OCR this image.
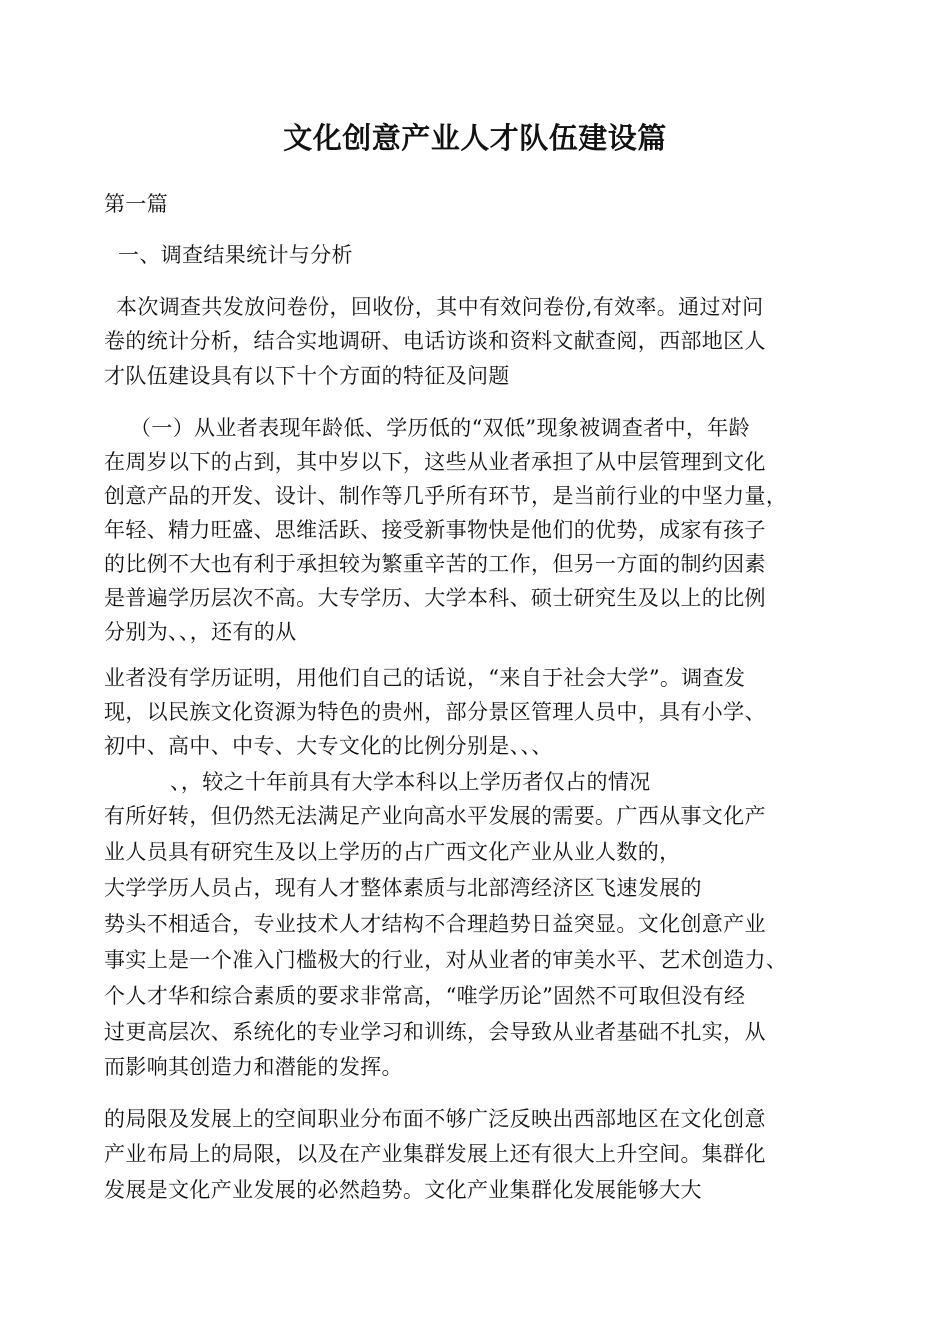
文化创意产业人才队伍建设篇
第一篇
一、调查结果统计与分析
本次调查共发放问卷份，回收份，其中有效问卷份,有效率。通过对问
卷的统计分析，结合实地调研、电话访谈和资料文献查阅，西部地区人
才队伍建设具有以下十个方面的特征及问题
（一）从业者表现年龄低、学历低的“双低”现象被调查者中，年龄
在周岁以下的占到，其中岁以下，这些从业者承担了从中层管理到文化
创意产品的开发、设计、制作等几乎所有环节，是当前行业的中坚力量，
年轻、精力旺盛、思维活跃、接受新事物快是他们的优势，成家有孩子
的比例不大也有利于承担较为繁重辛苦的工作，但另一方面的制约因素
是普遍学历层次不高。大专学历、大学本科、硕士研究生及以上的比例
分别为、、，还有的从
业者没有学历证明，用他们自己的话说，“来自于社会大学”。调查发
现，以民族文化资源为特色的贵州，部分景区管理人员中，具有小学、
初中、高中、中专、大专文化的比例分别是、、、
、，较之十年前具有大学本科以上学历者仅占的情况
有所好转，但仍然无法满足产业向高水平发展的需要。广西从事文化产
业人员具有研究生及以上学历的占广西文化产业从业人数的，
大学学历人员占，现有人才整体素质与北部湾经济区飞速发展的
势头不相适合，专业技术人才结构不合理趋势日益突显。文化创意产业
事实上是一个准入门槛极大的行业，对从业者的审美水平、艺术创造力、
个人才华和综合素质的要求非常高，“唯学历论”固然不可取但没有经
过更高层次、系统化的专业学习和训练，会导致从业者基础不扎实，从
而影响其创造力和潜能的发挥。
的局限及发展上的空间职业分布面不够广泛反映出西部地区在文化创意
产业布局上的局限，以及在产业集群发展上还有很大上升空间。集群化
发展是文化产业发展的必然趋势。文化产业集群化发展能够大大
